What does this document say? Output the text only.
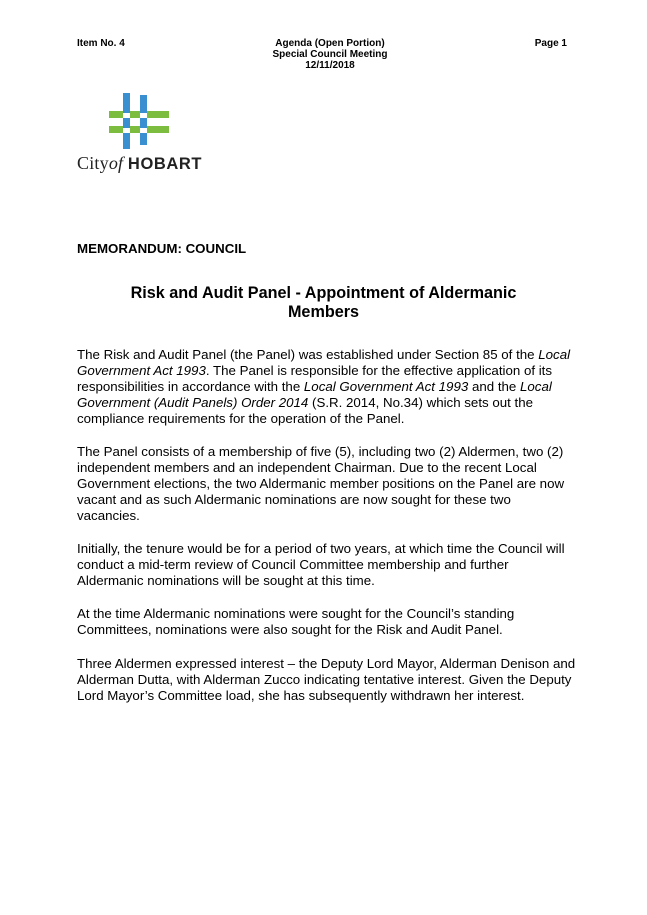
Item No. 4	Agenda (Open Portion)
Special Council Meeting
12/11/2018
Page 1
Cityof HOBART
MEMORANDUM: COUNCIL
Risk and Audit Panel - Appointment of Aldermanic
Members
The Risk and Audit Panel (the Panel) was established under Section 85 of the Local Government Act 1993. The Panel is responsible for the effective application of its responsibilities in accordance with the Local Government Act 1993 and the Local Government (Audit Panels) Order 2014 (S.R. 2014, No.34) which sets out the compliance requirements for the operation of the Panel.
The Panel consists of a membership of five (5), including two (2) Aldermen, two (2) independent members and an independent Chairman. Due to the recent Local Government elections, the two Aldermanic member positions on the Panel are now vacant and as such Aldermanic nominations are now sought for these two vacancies.
Initially, the tenure would be for a period of two years, at which time the Council will conduct a mid-term review of Council Committee membership and further Aldermanic nominations will be sought at this time.
At the time Aldermanic nominations were sought for the Council’s standing Committees, nominations were also sought for the Risk and Audit Panel.
Three Aldermen expressed interest – the Deputy Lord Mayor, Alderman Denison and Alderman Dutta, with Alderman Zucco indicating tentative interest. Given the Deputy Lord Mayor’s Committee load, she has subsequently withdrawn her interest.
